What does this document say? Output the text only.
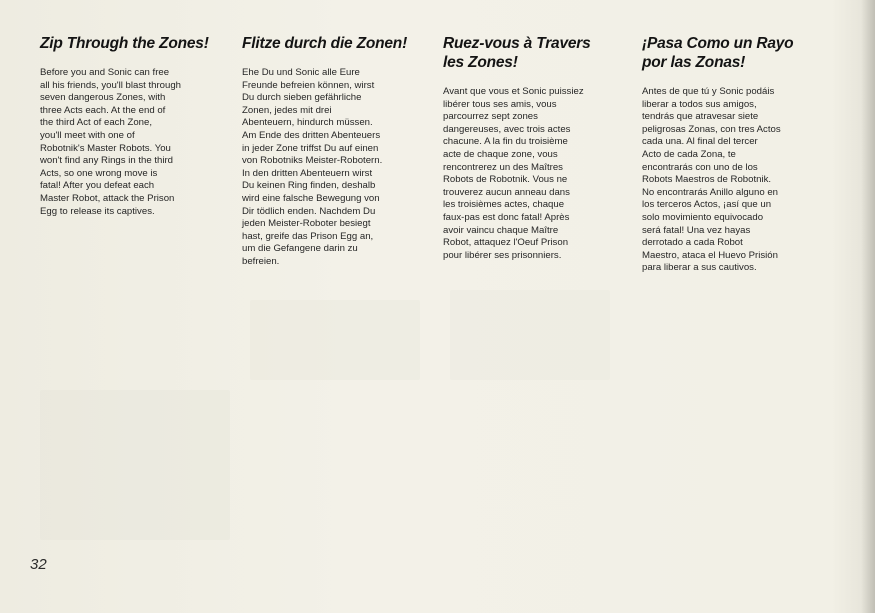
Zip Through the Zones!

Before you and Sonic can free
all his friends, you'll blast through
seven dangerous Zones, with
three Acts each. At the end of
the third Act of each Zone,
you'll meet with one of
Robotnik's Master Robots. You
won't find any Rings in the third
Acts, so one wrong move is
fatal! After you defeat each
Master Robot, attack the Prison
Egg to release its captives.

Flitze durch die Zonen!

Ehe Du und Sonic alle Eure
Freunde befreien können, wirst
Du durch sieben gefährliche
Zonen, jedes mit drei
Abenteuern, hindurch müssen.
Am Ende des dritten Abenteuers
in jeder Zone triffst Du auf einen
von Robotniks Meister-Robotern.
In den dritten Abenteuern wirst
Du keinen Ring finden, deshalb
wird eine falsche Bewegung von
Dir tödlich enden. Nachdem Du
jeden Meister-Roboter besiegt
hast, greife das Prison Egg an,
um die Gefangene darin zu
befreien.

Ruez-vous à Travers
les Zones!

Avant que vous et Sonic puissiez
libérer tous ses amis, vous
parcourrez sept zones
dangereuses, avec trois actes
chacune. A la fin du troisième
acte de chaque zone, vous
rencontrerez un des Maîtres
Robots de Robotnik. Vous ne
trouverez aucun anneau dans
les troisièmes actes, chaque
faux-pas est donc fatal! Après
avoir vaincu chaque Maître
Robot, attaquez l'Oeuf Prison
pour libérer ses prisonniers.

¡Pasa Como un Rayo
por las Zonas!

Antes de que tú y Sonic podáis
liberar a todos sus amigos,
tendrás que atravesar siete
peligrosas Zonas, con tres Actos
cada una. Al final del tercer
Acto de cada Zona, te
encontrarás con uno de los
Robots Maestros de Robotnik.
No encontrarás Anillo alguno en
los terceros Actos, ¡así que un
solo movimiento equivocado
será fatal! Una vez hayas
derrotado a cada Robot
Maestro, ataca el Huevo Prisión
para liberar a sus cautivos.

32
